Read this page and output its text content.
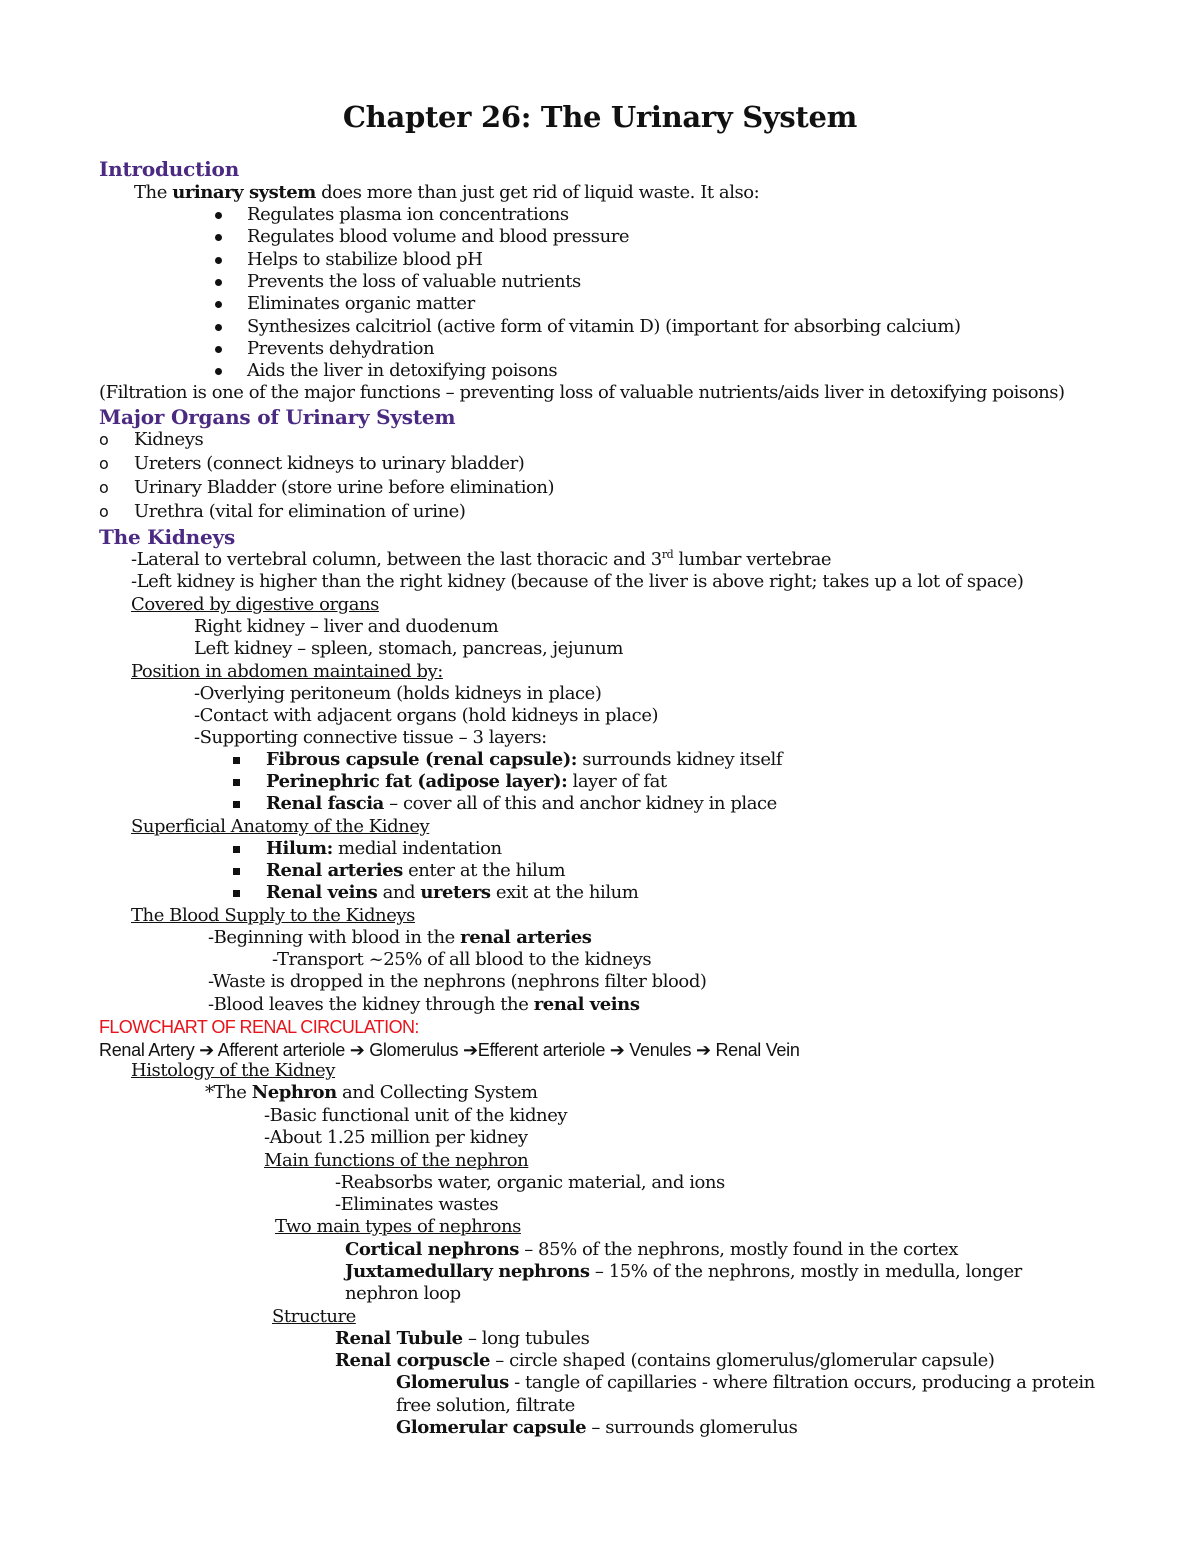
Chapter 26: The Urinary System
Introduction
The urinary system does more than just get rid of liquid waste. It also:
Regulates plasma ion concentrations
Regulates blood volume and blood pressure
Helps to stabilize blood pH
Prevents the loss of valuable nutrients
Eliminates organic matter
Synthesizes calcitriol (active form of vitamin D) (important for absorbing calcium)
Prevents dehydration
Aids the liver in detoxifying poisons
(Filtration is one of the major functions – preventing loss of valuable nutrients/aids liver in detoxifying poisons)
Major Organs of Urinary System
o Kidneys
o Ureters (connect kidneys to urinary bladder)
o Urinary Bladder (store urine before elimination)
o Urethra (vital for elimination of urine)
The Kidneys
-Lateral to vertebral column, between the last thoracic and 3rd lumbar vertebrae
-Left kidney is higher than the right kidney (because of the liver is above right; takes up a lot of space)
Covered by digestive organs
Right kidney – liver and duodenum
Left kidney – spleen, stomach, pancreas, jejunum
Position in abdomen maintained by:
-Overlying peritoneum (holds kidneys in place)
-Contact with adjacent organs (hold kidneys in place)
-Supporting connective tissue – 3 layers:
Fibrous capsule (renal capsule): surrounds kidney itself
Perinephric fat (adipose layer): layer of fat
Renal fascia – cover all of this and anchor kidney in place
Superficial Anatomy of the Kidney
Hilum: medial indentation
Renal arteries enter at the hilum
Renal veins and ureters exit at the hilum
The Blood Supply to the Kidneys
-Beginning with blood in the renal arteries
-Transport ~25% of all blood to the kidneys
-Waste is dropped in the nephrons (nephrons filter blood)
-Blood leaves the kidney through the renal veins
FLOWCHART OF RENAL CIRCULATION:
Renal Artery ➔ Afferent arteriole ➔ Glomerulus ➔Efferent arteriole ➔ Venules ➔ Renal Vein
Histology of the Kidney
*The Nephron and Collecting System
-Basic functional unit of the kidney
-About 1.25 million per kidney
Main functions of the nephron
-Reabsorbs water, organic material, and ions
-Eliminates wastes
Two main types of nephrons
Cortical nephrons – 85% of the nephrons, mostly found in the cortex
Juxtamedullary nephrons – 15% of the nephrons, mostly in medulla, longer
nephron loop
Structure
Renal Tubule – long tubules
Renal corpuscle – circle shaped (contains glomerulus/glomerular capsule)
Glomerulus - tangle of capillaries - where filtration occurs, producing a protein
free solution, filtrate
Glomerular capsule – surrounds glomerulus
